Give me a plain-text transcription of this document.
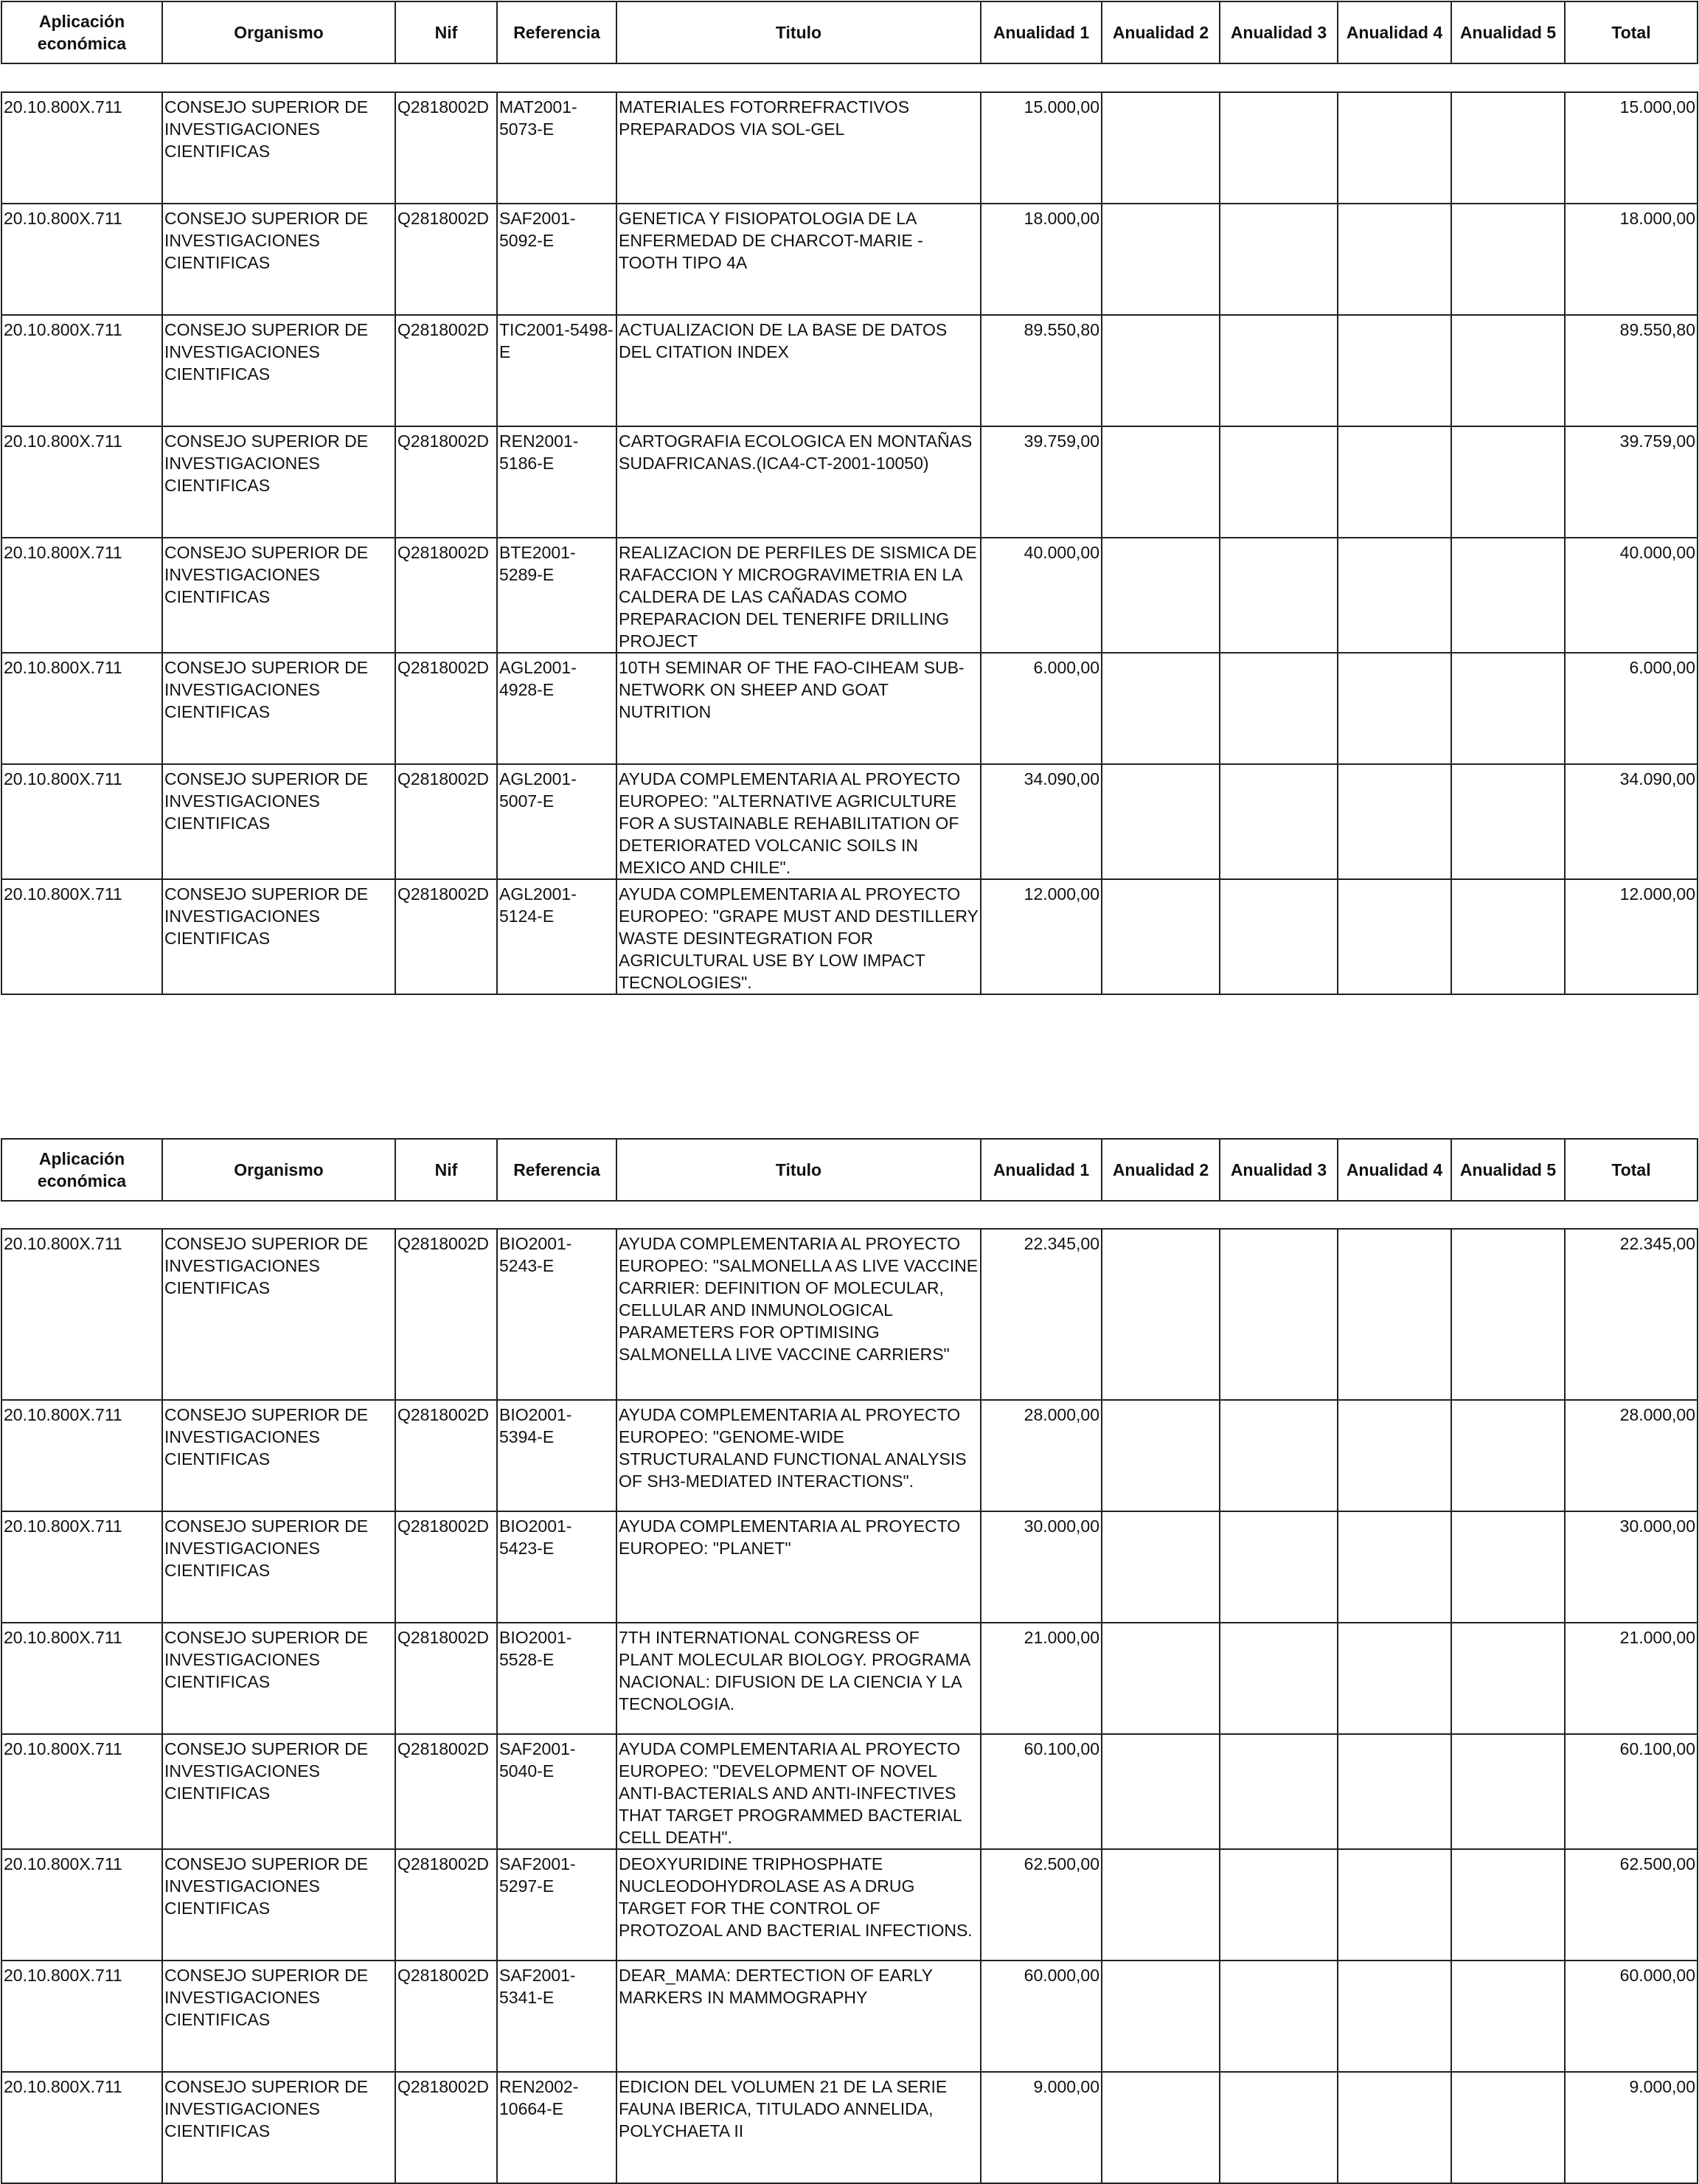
Aplicación económica	Organismo	Nif	Referencia	Titulo	Anualidad 1	Anualidad 2	Anualidad 3	Anualidad 4	Anualidad 5	Total
20.10.800X.711	CONSEJO SUPERIOR DE INVESTIGACIONES CIENTIFICAS	Q2818002D	MAT2001-5073-E	MATERIALES FOTORREFRACTIVOS PREPARADOS VIA SOL-GEL	15.000,00					15.000,00
20.10.800X.711	CONSEJO SUPERIOR DE INVESTIGACIONES CIENTIFICAS	Q2818002D	SAF2001-5092-E	GENETICA Y FISIOPATOLOGIA DE LA ENFERMEDAD DE CHARCOT-MARIE - TOOTH TIPO 4A	18.000,00					18.000,00
20.10.800X.711	CONSEJO SUPERIOR DE INVESTIGACIONES CIENTIFICAS	Q2818002D	TIC2001-5498-E	ACTUALIZACION DE LA BASE DE DATOS DEL CITATION INDEX	89.550,80					89.550,80
20.10.800X.711	CONSEJO SUPERIOR DE INVESTIGACIONES CIENTIFICAS	Q2818002D	REN2001-5186-E	CARTOGRAFIA ECOLOGICA EN MONTAÑAS SUDAFRICANAS.(ICA4-CT-2001-10050)	39.759,00					39.759,00
20.10.800X.711	CONSEJO SUPERIOR DE INVESTIGACIONES CIENTIFICAS	Q2818002D	BTE2001-5289-E	REALIZACION DE PERFILES DE SISMICA DE RAFACCION Y MICROGRAVIMETRIA EN LA CALDERA DE LAS CAÑADAS COMO PREPARACION DEL TENERIFE DRILLING PROJECT	40.000,00					40.000,00
20.10.800X.711	CONSEJO SUPERIOR DE INVESTIGACIONES CIENTIFICAS	Q2818002D	AGL2001-4928-E	10TH SEMINAR OF THE FAO-CIHEAM SUB-NETWORK ON SHEEP AND GOAT NUTRITION	6.000,00					6.000,00
20.10.800X.711	CONSEJO SUPERIOR DE INVESTIGACIONES CIENTIFICAS	Q2818002D	AGL2001-5007-E	AYUDA COMPLEMENTARIA AL PROYECTO EUROPEO: "ALTERNATIVE AGRICULTURE FOR A SUSTAINABLE REHABILITATION OF DETERIORATED VOLCANIC SOILS IN MEXICO AND CHILE".	34.090,00					34.090,00
20.10.800X.711	CONSEJO SUPERIOR DE INVESTIGACIONES CIENTIFICAS	Q2818002D	AGL2001-5124-E	AYUDA COMPLEMENTARIA AL PROYECTO EUROPEO: "GRAPE MUST AND DESTILLERY WASTE DESINTEGRATION FOR AGRICULTURAL USE BY LOW IMPACT TECNOLOGIES".	12.000,00					12.000,00
Aplicación económica	Organismo	Nif	Referencia	Titulo	Anualidad 1	Anualidad 2	Anualidad 3	Anualidad 4	Anualidad 5	Total
20.10.800X.711	CONSEJO SUPERIOR DE INVESTIGACIONES CIENTIFICAS	Q2818002D	BIO2001-5243-E	AYUDA COMPLEMENTARIA AL PROYECTO EUROPEO: "SALMONELLA AS LIVE VACCINE CARRIER: DEFINITION OF MOLECULAR, CELLULAR AND INMUNOLOGICAL PARAMETERS FOR OPTIMISING SALMONELLA LIVE VACCINE CARRIERS"	22.345,00					22.345,00
20.10.800X.711	CONSEJO SUPERIOR DE INVESTIGACIONES CIENTIFICAS	Q2818002D	BIO2001-5394-E	AYUDA COMPLEMENTARIA AL PROYECTO EUROPEO: "GENOME-WIDE STRUCTURALAND FUNCTIONAL ANALYSIS OF SH3-MEDIATED INTERACTIONS".	28.000,00					28.000,00
20.10.800X.711	CONSEJO SUPERIOR DE INVESTIGACIONES CIENTIFICAS	Q2818002D	BIO2001-5423-E	AYUDA COMPLEMENTARIA AL PROYECTO EUROPEO: "PLANET"	30.000,00					30.000,00
20.10.800X.711	CONSEJO SUPERIOR DE INVESTIGACIONES CIENTIFICAS	Q2818002D	BIO2001-5528-E	7TH INTERNATIONAL CONGRESS OF PLANT MOLECULAR BIOLOGY. PROGRAMA NACIONAL: DIFUSION DE LA CIENCIA Y LA TECNOLOGIA.	21.000,00					21.000,00
20.10.800X.711	CONSEJO SUPERIOR DE INVESTIGACIONES CIENTIFICAS	Q2818002D	SAF2001-5040-E	AYUDA COMPLEMENTARIA AL PROYECTO EUROPEO: "DEVELOPMENT OF NOVEL ANTI-BACTERIALS AND ANTI-INFECTIVES THAT TARGET PROGRAMMED BACTERIAL CELL DEATH".	60.100,00					60.100,00
20.10.800X.711	CONSEJO SUPERIOR DE INVESTIGACIONES CIENTIFICAS	Q2818002D	SAF2001-5297-E	DEOXYURIDINE TRIPHOSPHATE NUCLEODOHYDROLASE AS A DRUG TARGET FOR THE CONTROL OF PROTOZOAL AND BACTERIAL INFECTIONS.	62.500,00					62.500,00
20.10.800X.711	CONSEJO SUPERIOR DE INVESTIGACIONES CIENTIFICAS	Q2818002D	SAF2001-5341-E	DEAR_MAMA: DERTECTION OF EARLY MARKERS IN MAMMOGRAPHY	60.000,00					60.000,00
20.10.800X.711	CONSEJO SUPERIOR DE INVESTIGACIONES CIENTIFICAS	Q2818002D	REN2002-10664-E	EDICION DEL VOLUMEN 21 DE LA SERIE FAUNA IBERICA, TITULADO ANNELIDA, POLYCHAETA II	9.000,00					9.000,00
